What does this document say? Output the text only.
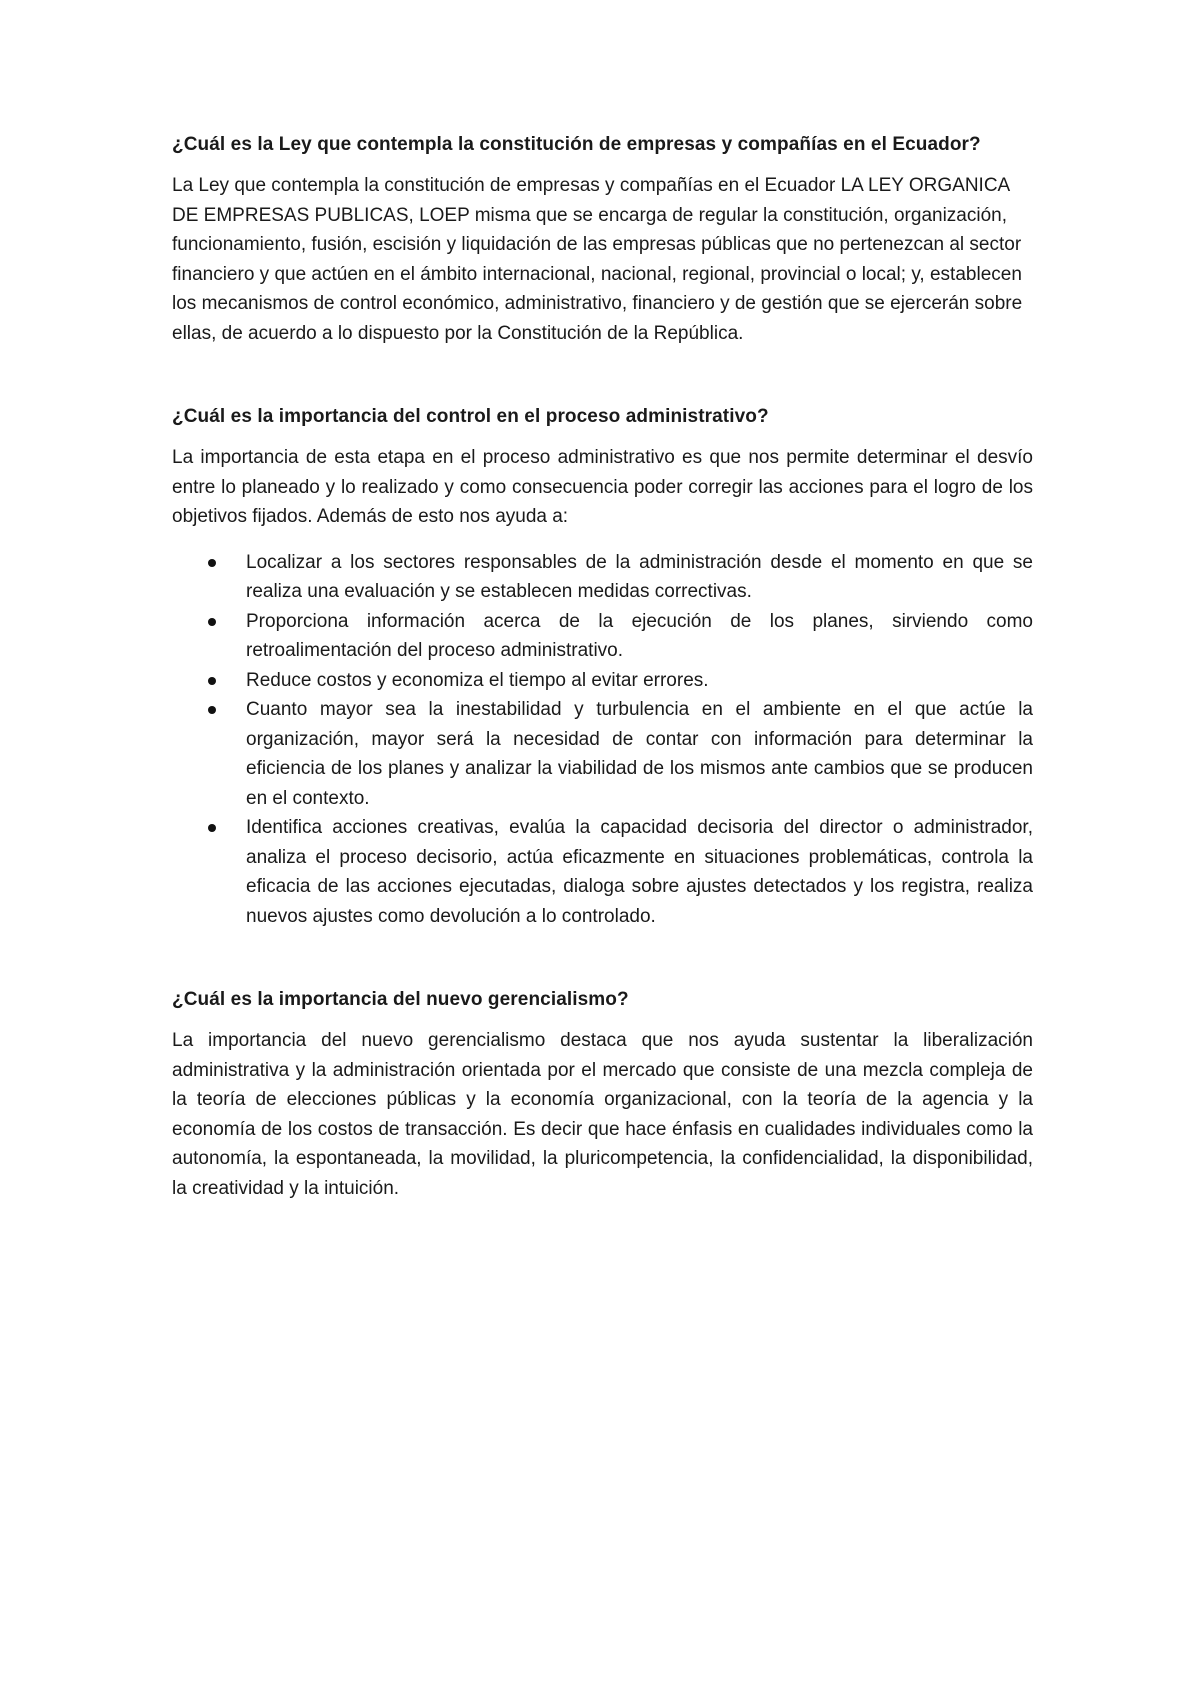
¿Cuál es la Ley que contempla la constitución de empresas y compañías en el Ecuador?

La Ley que contempla la constitución de empresas y compañías en el Ecuador LA LEY ORGANICA DE EMPRESAS PUBLICAS, LOEP misma que se encarga de regular la constitución, organización, funcionamiento, fusión, escisión y liquidación de las empresas públicas que no pertenezcan al sector financiero y que actúen en el ámbito internacional, nacional, regional, provincial o local; y, establecen los mecanismos de control económico, administrativo, financiero y de gestión que se ejercerán sobre ellas, de acuerdo a lo dispuesto por la Constitución de la República.

¿Cuál es la importancia del control en el proceso administrativo?

La importancia de esta etapa en el proceso administrativo es que nos permite determinar el desvío entre lo planeado y lo realizado y como consecuencia poder corregir las acciones para el logro de los objetivos fijados. Además de esto nos ayuda a:

Localizar a los sectores responsables de la administración desde el momento en que se realiza una evaluación y se establecen medidas correctivas.
Proporciona información acerca de la ejecución de los planes, sirviendo como retroalimentación del proceso administrativo.
Reduce costos y economiza el tiempo al evitar errores.
Cuanto mayor sea la inestabilidad y turbulencia en el ambiente en el que actúe la organización, mayor será la necesidad de contar con información para determinar la eficiencia de los planes y analizar la viabilidad de los mismos ante cambios que se producen en el contexto.
Identifica acciones creativas, evalúa la capacidad decisoria del director o administrador, analiza el proceso decisorio, actúa eficazmente en situaciones problemáticas, controla la eficacia de las acciones ejecutadas, dialoga sobre ajustes detectados y los registra, realiza nuevos ajustes como devolución a lo controlado.

¿Cuál es la importancia del nuevo gerencialismo?

La importancia del nuevo gerencialismo destaca que nos ayuda sustentar la liberalización administrativa y la administración orientada por el mercado que consiste de una mezcla compleja de la teoría de elecciones públicas y la economía organizacional, con la teoría de la agencia y la economía de los costos de transacción. Es decir que hace énfasis en cualidades individuales como la autonomía, la espontaneada, la movilidad, la pluricompetencia, la confidencialidad, la disponibilidad, la creatividad y la intuición.
